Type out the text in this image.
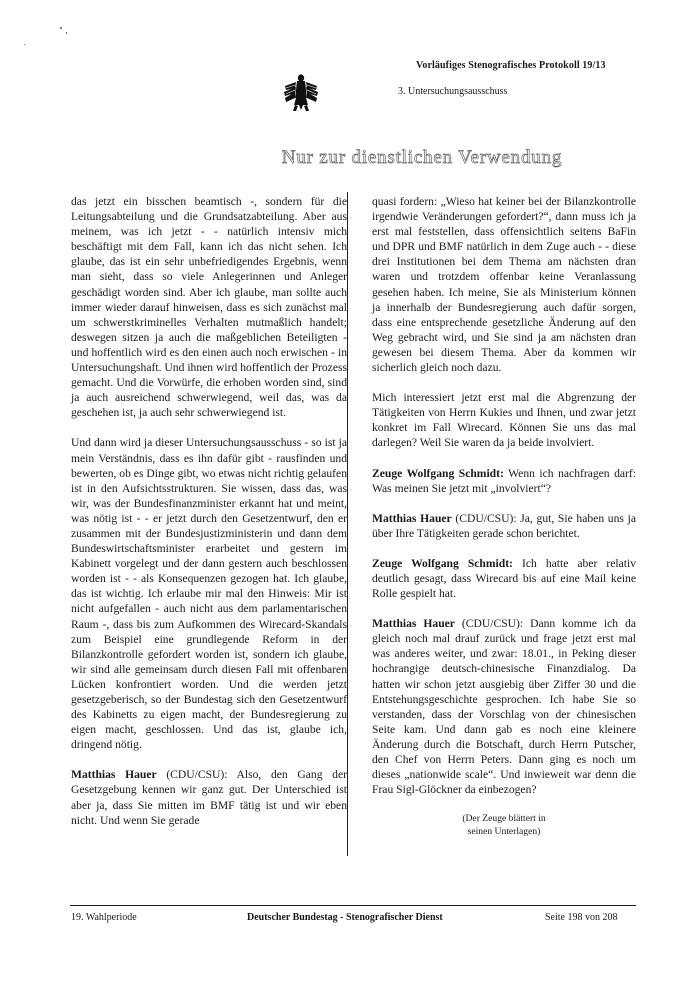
Vorläufiges Stenografisches Protokoll 19/13
3. Untersuchungsausschuss
Nur zur dienstlichen Verwendung

das jetzt ein bisschen beamtisch -, sondern für die Leitungsabteilung und die Grundsatzabteilung. Aber aus meinem, was ich jetzt - - natürlich intensiv mich beschäftigt mit dem Fall, kann ich das nicht sehen. Ich glaube, das ist ein sehr unbefriedigendes Ergebnis, wenn man sieht, dass so viele Anlegerinnen und Anleger geschädigt worden sind. Aber ich glaube, man sollte auch immer wieder darauf hinweisen, dass es sich zunächst mal um schwerstkriminelles Verhalten mutmaßlich handelt; deswegen sitzen ja auch die maßgeblichen Beteiligten - und hoffentlich wird es den einen auch noch erwischen - in Untersuchungshaft. Und ihnen wird hoffentlich der Prozess gemacht. Und die Vorwürfe, die erhoben worden sind, sind ja auch ausreichend schwerwiegend, weil das, was da geschehen ist, ja auch sehr schwerwiegend ist.

Und dann wird ja dieser Untersuchungsausschuss - so ist ja mein Verständnis, dass es ihn dafür gibt - rausfinden und bewerten, ob es Dinge gibt, wo etwas nicht richtig gelaufen ist in den Aufsichtsstrukturen. Sie wissen, dass das, was wir, was der Bundesfinanzminister erkannt hat und meint, was nötig ist - - er jetzt durch den Gesetzentwurf, den er zusammen mit der Bundesjustizministerin und dann dem Bundeswirtschaftsminister erarbeitet und gestern im Kabinett vorgelegt und der dann gestern auch beschlossen worden ist - - als Konsequenzen gezogen hat. Ich glaube, das ist wichtig. Ich erlaube mir mal den Hinweis: Mir ist nicht aufgefallen - auch nicht aus dem parlamentarischen Raum -, dass bis zum Aufkommen des Wirecard-Skandals zum Beispiel eine grundlegende Reform in der Bilanzkontrolle gefordert worden ist, sondern ich glaube, wir sind alle gemeinsam durch diesen Fall mit offenbaren Lücken konfrontiert worden. Und die werden jetzt gesetzgeberisch, so der Bundestag sich den Gesetzentwurf des Kabinetts zu eigen macht, der Bundesregierung zu eigen macht, geschlossen. Und das ist, glaube ich, dringend nötig.

Matthias Hauer (CDU/CSU): Also, den Gang der Gesetzgebung kennen wir ganz gut. Der Unterschied ist aber ja, dass Sie mitten im BMF tätig ist und wir eben nicht. Und wenn Sie gerade

quasi fordern: „Wieso hat keiner bei der Bilanzkontrolle irgendwie Veränderungen gefordert?“, dann muss ich ja erst mal feststellen, dass offensichtlich seitens BaFin und DPR und BMF natürlich in dem Zuge auch - - diese drei Institutionen bei dem Thema am nächsten dran waren und trotzdem offenbar keine Veranlassung gesehen haben. Ich meine, Sie als Ministerium können ja innerhalb der Bundesregierung auch dafür sorgen, dass eine entsprechende gesetzliche Änderung auf den Weg gebracht wird, und Sie sind ja am nächsten dran gewesen bei diesem Thema. Aber da kommen wir sicherlich gleich noch dazu.

Mich interessiert jetzt erst mal die Abgrenzung der Tätigkeiten von Herrn Kukies und Ihnen, und zwar jetzt konkret im Fall Wirecard. Können Sie uns das mal darlegen? Weil Sie waren da ja beide involviert.

Zeuge Wolfgang Schmidt: Wenn ich nachfragen darf: Was meinen Sie jetzt mit „involviert“?

Matthias Hauer (CDU/CSU): Ja, gut, Sie haben uns ja über Ihre Tätigkeiten gerade schon berichtet.

Zeuge Wolfgang Schmidt: Ich hatte aber relativ deutlich gesagt, dass Wirecard bis auf eine Mail keine Rolle gespielt hat.

Matthias Hauer (CDU/CSU): Dann komme ich da gleich noch mal drauf zurück und frage jetzt erst mal was anderes weiter, und zwar: 18.01., in Peking dieser hochrangige deutsch-chinesische Finanzdialog. Da hatten wir schon jetzt ausgiebig über Ziffer 30 und die Entstehungsgeschichte gesprochen. Ich habe Sie so verstanden, dass der Vorschlag von der chinesischen Seite kam. Und dann gab es noch eine kleinere Änderung durch die Botschaft, durch Herrn Putscher, den Chef von Herrn Peters. Dann ging es noch um dieses „nationwide scale“. Und inwieweit war denn die Frau Sigl-Glöckner da einbezogen?

(Der Zeuge blättert in
seinen Unterlagen)
19. Wahlperiode	Deutscher Bundestag - Stenografischer Dienst	Seite 198 von 208
